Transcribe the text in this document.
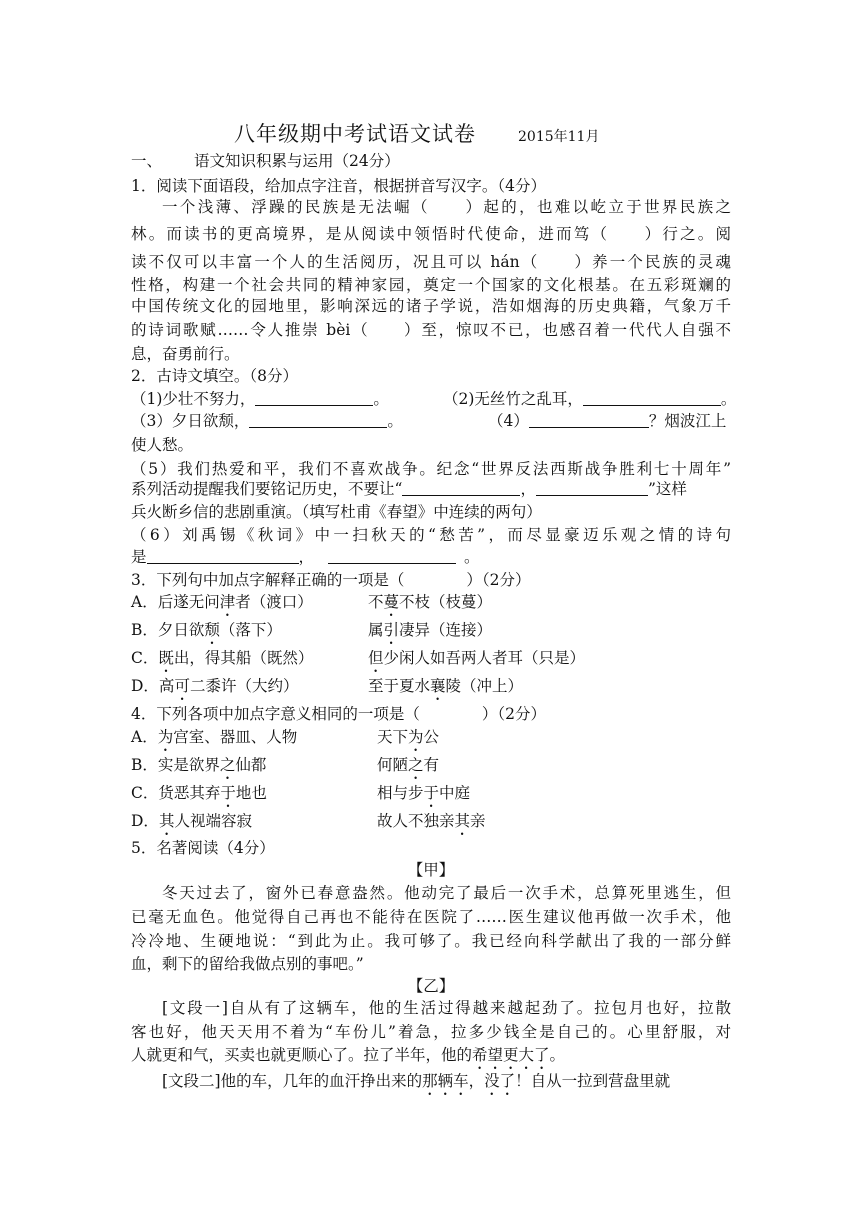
八年级期中考试语文试卷	2015年11月
一、 语文知识积累与运用（24分）
1．阅读下面语段，给加点字注音，根据拼音写汉字。（4分）
一个浅薄、浮躁的民族是无法崛（　　）起的，也难以屹立于世界民族之
林。而读书的更高境界，是从阅读中领悟时代使命，进而笃（　　）行之。阅
读不仅可以丰富一个人的生活阅历，况且可以 hán（　　）养一个民族的灵魂
性格，构建一个社会共同的精神家园，奠定一个国家的文化根基。在五彩斑斓的
中国传统文化的园地里，影响深远的诸子学说，浩如烟海的历史典籍，气象万千
的诗词歌赋……令人推崇 bèi（　　）至，惊叹不已，也感召着一代代人自强不
息，奋勇前行。
2．古诗文填空。（8分）
（1)少壮不努力，	。	（2)无丝竹之乱耳，	。
（3）夕日欲颓，	。	（4）	？烟波江上
使人愁。
（5）我们热爱和平，我们不喜欢战争。纪念“世界反法西斯战争胜利七十周年”
系列活动提醒我们要铭记历史，不要让“	，	”这样
兵火断乡信的悲剧重演。（填写杜甫《春望》中连续的两句）
（6）刘禹锡《秋词》中一扫秋天的“愁苦”，而尽显豪迈乐观之情的诗句
是	，	。
3．下列句中加点字解释正确的一项是（　　　　）（2分）
A．后遂无问津者（渡口）	不蔓不枝（枝蔓）
B．夕日欲颓（落下）	属引凄异（连接）
C．既出，得其船（既然）	但少闲人如吾两人者耳（只是）
D．高可二黍许（大约）	至于夏水襄陵（冲上）
4．下列各项中加点字意义相同的一项是（　　　　）（2分）
A．为宫室、器皿、人物	天下为公
B．实是欲界之仙都	何陋之有
C．货恶其弃于地也	相与步于中庭
D．其人视端容寂	故人不独亲其亲
5．名著阅读（4分）
【甲】
冬天过去了，窗外已春意盎然。他动完了最后一次手术，总算死里逃生，但
已毫无血色。他觉得自己再也不能待在医院了……医生建议他再做一次手术，他
冷冷地、生硬地说：“到此为止。我可够了。我已经向科学献出了我的一部分鲜
血，剩下的留给我做点别的事吧。”
【乙】
[文段一]自从有了这辆车，他的生活过得越来越起劲了。拉包月也好，拉散
客也好，他天天用不着为“车份儿”着急，拉多少钱全是自己的。心里舒服，对
人就更和气，买卖也就更顺心了。拉了半年，他的希望更大了。
[文段二]他的车，几年的血汗挣出来的那辆车，没了！自从一拉到营盘里就
